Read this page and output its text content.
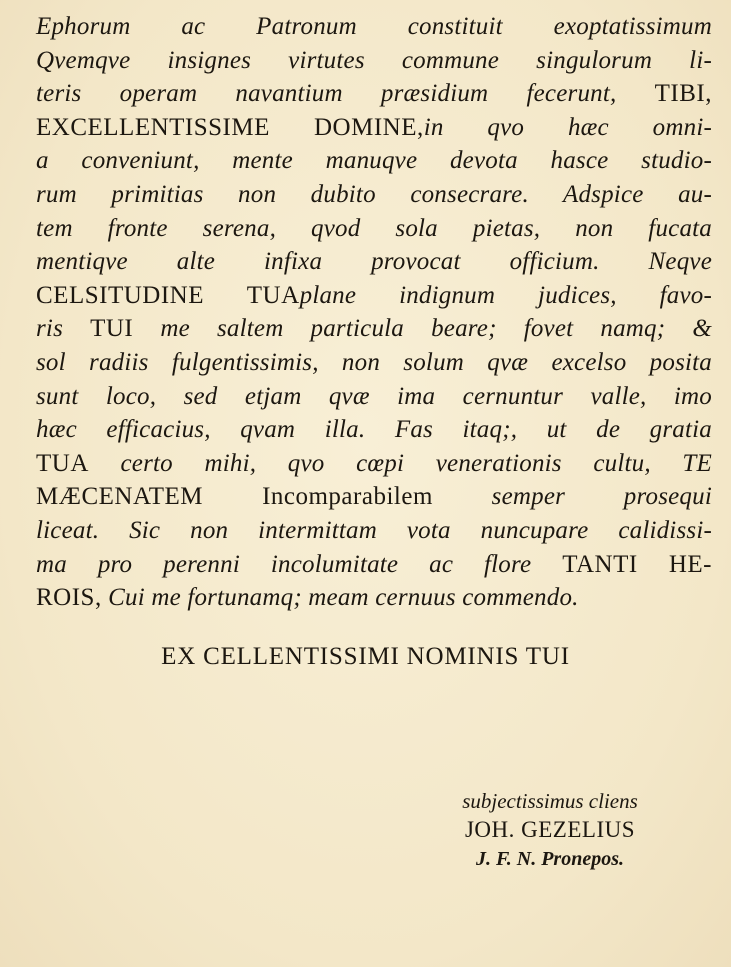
Ephorum ac Patronum constituit exoptatissimum
Qvemqve insignes virtutes commune singulorum li-
teris operam navantium præsidium fecerunt, TIBI,
EXCELLENTISSIME DOMINE,in qvo hæc omni-
a conveniunt, mente manuqve devota hasce studio-
rum primitias non dubito consecrare. Adspice au-
tem fronte serena, qvod sola pietas, non fucata
mentiqve alte infixa provocat officium. Neqve
CELSITUDINE TUAplane indignum judices, favo-
ris TUI me saltem particula beare; fovet namq; &
sol radiis fulgentissimis, non solum qvæ excelso posita
sunt loco, sed etjam qvæ ima cernuntur valle, imo
hæc efficacius, qvam illa. Fas itaq;, ut de gratia
TUA certo mihi, qvo cœpi venerationis cultu, TE
MÆCENATEM Incomparabilem semper prosequi
liceat. Sic non intermittam vota nuncupare calidissi-
ma pro perenni incolumitate ac flore TANTI HE-
ROIS, Cui me fortunamq; meam cernuus commendo.
EX CELLENTISSIMI NOMINIS TUI
subjectissimus cliens
JOH. GEZELIUS
J. F. N. Pronepos.
